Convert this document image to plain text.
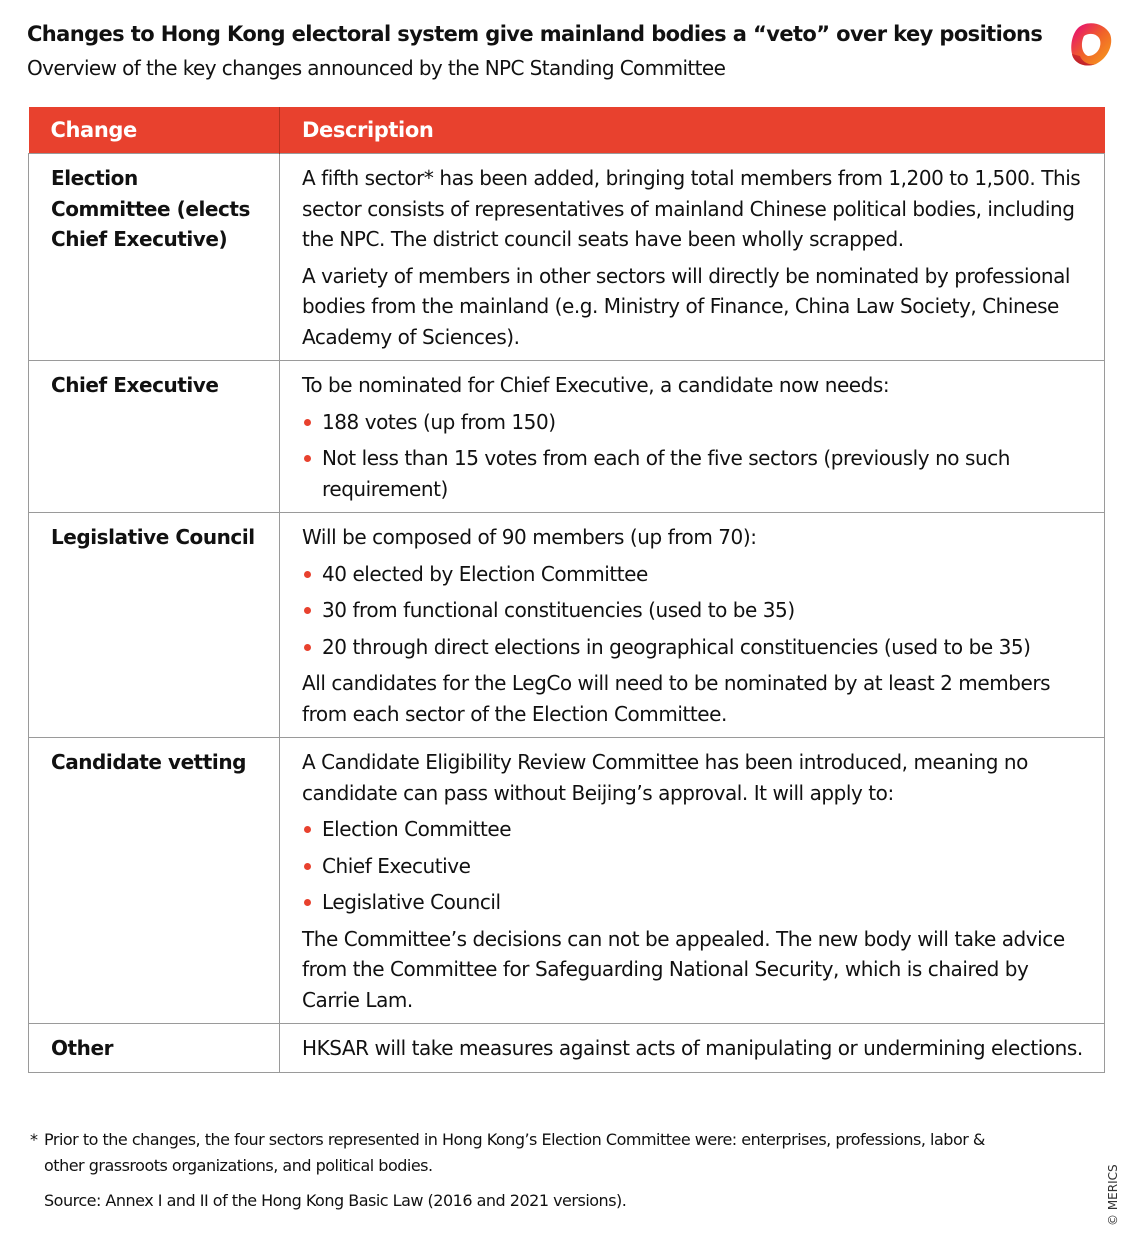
Changes to Hong Kong electoral system give mainland bodies a “veto” over key positions
Overview of the key changes announced by the NPC Standing Committee
Change	Description
Election Committee (elects Chief Executive)	A fifth sector* has been added, bringing total members from 1,200 to 1,500. This sector consists of representatives of mainland Chinese political bodies, including the NPC. The district council seats have been wholly scrapped.

A variety of members in other sectors will directly be nominated by professional bodies from the mainland (e.g. Ministry of Finance, China Law Society, Chinese Academy of Sciences).

Chief Executive	To be nominated for Chief Executive, a candidate now needs:

188 votes (up from 150)
Not less than 15 votes from each of the five sectors (previously no such requirement)

Legislative Council	Will be composed of 90 members (up from 70):

40 elected by Election Committee
30 from functional constituencies (used to be 35)
20 through direct elections in geographical constituencies (used to be 35)

All candidates for the LegCo will need to be nominated by at least 2 members from each sector of the Election Committee.

Candidate vetting	A Candidate Eligibility Review Committee has been introduced, meaning no candidate can pass without Beijing’s approval. It will apply to:

Election Committee
Chief Executive
Legislative Council

The Committee’s decisions can not be appealed. The new body will take advice from the Committee for Safeguarding National Security, which is chaired by Carrie Lam.

Other	HKSAR will take measures against acts of manipulating or undermining elections.

* Prior to the changes, the four sectors represented in Hong Kong’s Election Committee were: enterprises, professions, labor & other grassroots organizations, and political bodies.
Source: Annex I and II of the Hong Kong Basic Law (2016 and 2021 versions).	© MERICS
